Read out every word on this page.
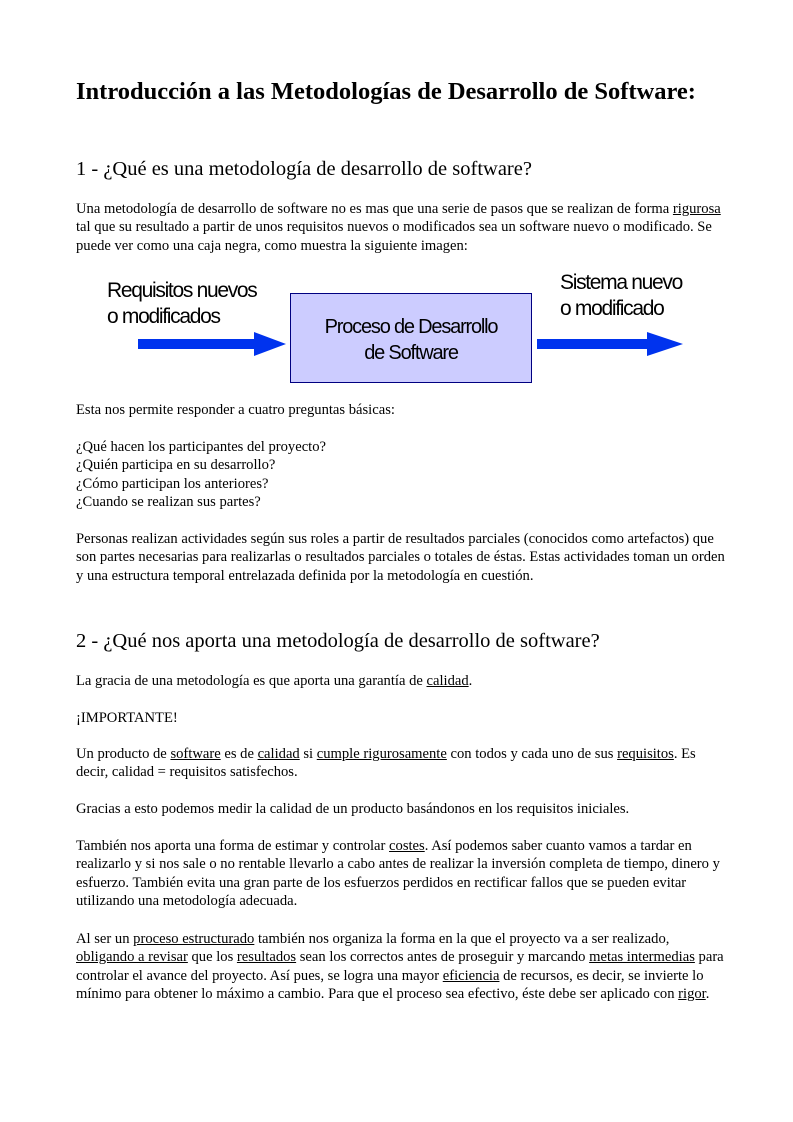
Introducción a las Metodologías de Desarrollo de Software:
1 - ¿Qué es una metodología de desarrollo de software?

Una metodología de desarrollo de software no es mas que una serie de pasos que se realizan de forma rigurosa tal que su resultado a partir de unos requisitos nuevos o modificados sea un software nuevo o modificado. Se puede ver como una caja negra, como muestra la siguiente imagen:

Requisitos nuevos
o modificados	Proceso de Desarrollo
de Software
Sistema nuevo
o modificado

Esta nos permite responder a cuatro preguntas básicas:

¿Qué hacen los participantes del proyecto?
¿Quién participa en su desarrollo?
¿Cómo participan los anteriores?
¿Cuando se realizan sus partes?

Personas realizan actividades según sus roles a partir de resultados parciales (conocidos como artefactos) que son partes necesarias para realizarlas o resultados parciales o totales de éstas. Estas actividades toman un orden y una estructura temporal entrelazada definida por la metodología en cuestión.

2 - ¿Qué nos aporta una metodología de desarrollo de software?

La gracia de una metodología es que aporta una garantía de calidad.

¡IMPORTANTE!

Un producto de software es de calidad si cumple rigurosamente con todos y cada uno de sus requisitos. Es decir, calidad = requisitos satisfechos.

Gracias a esto podemos medir la calidad de un producto basándonos en los requisitos iniciales.

También nos aporta una forma de estimar y controlar costes. Así podemos saber cuanto vamos a tardar en realizarlo y si nos sale o no rentable llevarlo a cabo antes de realizar la inversión completa de tiempo, dinero y esfuerzo. También evita una gran parte de los esfuerzos perdidos en rectificar fallos que se pueden evitar utilizando una metodología adecuada.

Al ser un proceso estructurado también nos organiza la forma en la que el proyecto va a ser realizado, obligando a revisar que los resultados sean los correctos antes de proseguir y marcando metas intermedias para controlar el avance del proyecto. Así pues, se logra una mayor eficiencia de recursos, es decir, se invierte lo mínimo para obtener lo máximo a cambio. Para que el proceso sea efectivo, éste debe ser aplicado con rigor.
